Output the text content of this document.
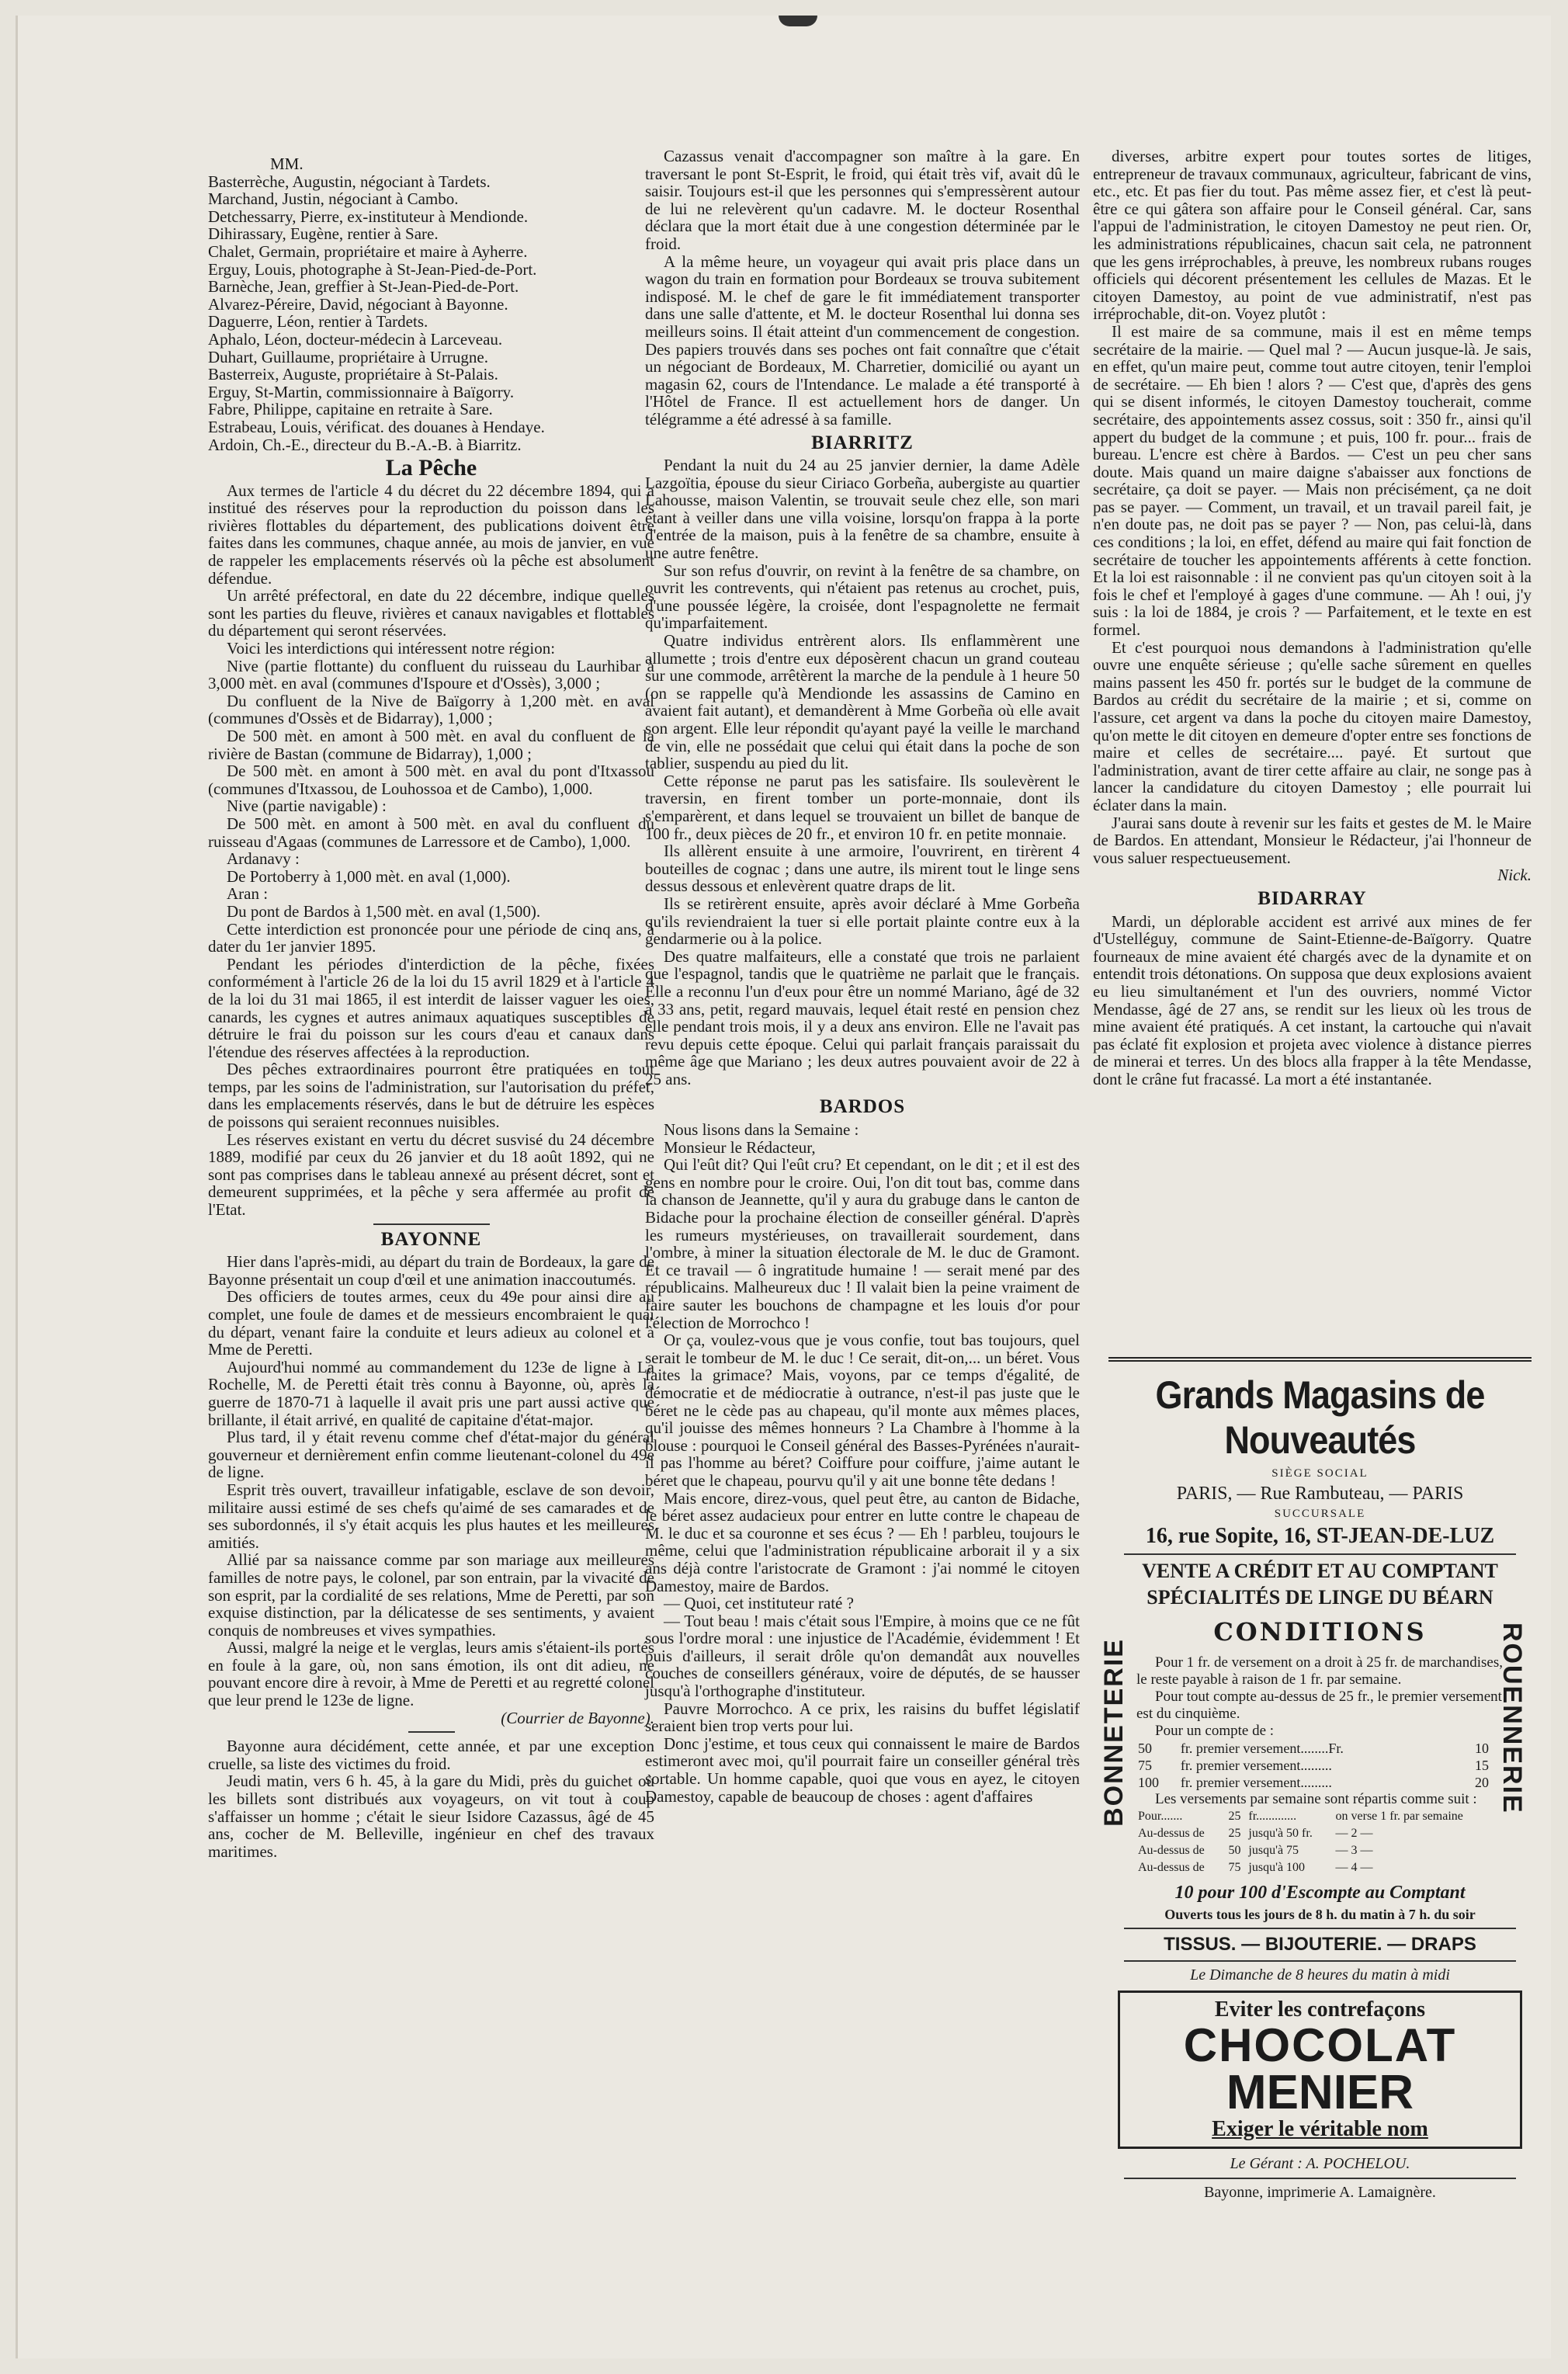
MM.

Basterrèche, Augustin, négociant à Tardets.

Marchand, Justin, négociant à Cambo.

Detchessarry, Pierre, ex-instituteur à Mendionde.

Dihirassary, Eugène, rentier à Sare.

Chalet, Germain, propriétaire et maire à Ayherre.

Erguy, Louis, photographe à St-Jean-Pied-de-Port.

Barnèche, Jean, greffier à St-Jean-Pied-de-Port.

Alvarez-Péreire, David, négociant à Bayonne.

Daguerre, Léon, rentier à Tardets.

Aphalo, Léon, docteur-médecin à Larceveau.

Duhart, Guillaume, propriétaire à Urrugne.

Basterreix, Auguste, propriétaire à St-Palais.

Erguy, St-Martin, commissionnaire à Baïgorry.

Fabre, Philippe, capitaine en retraite à Sare.

Estrabeau, Louis, vérificat. des douanes à Hendaye.

Ardoin, Ch.-E., directeur du B.-A.-B. à Biarritz.

La Pêche

Aux termes de l'article 4 du décret du 22 décembre 1894, qui a institué des réserves pour la reproduction du poisson dans les rivières flottables du département, des publications doivent être faites dans les communes, chaque année, au mois de janvier, en vue de rappeler les emplacements réservés où la pêche est absolument défendue.

Un arrêté préfectoral, en date du 22 décembre, indique quelles sont les parties du fleuve, rivières et canaux navigables et flottables du département qui seront réservées.

Voici les interdictions qui intéressent notre région:

Nive (partie flottante) du confluent du ruisseau du Laurhibar à 3,000 mèt. en aval (communes d'Ispoure et d'Ossès), 3,000 ;

Du confluent de la Nive de Baïgorry à 1,200 mèt. en aval (communes d'Ossès et de Bidarray), 1,000 ;

De 500 mèt. en amont à 500 mèt. en aval du confluent de la rivière de Bastan (commune de Bidarray), 1,000 ;

De 500 mèt. en amont à 500 mèt. en aval du pont d'Itxassou (communes d'Itxassou, de Louhossoa et de Cambo), 1,000.

Nive (partie navigable) :

De 500 mèt. en amont à 500 mèt. en aval du confluent du ruisseau d'Agaas (communes de Larressore et de Cambo), 1,000.

Ardanavy :

De Portoberry à 1,000 mèt. en aval (1,000).

Aran :

Du pont de Bardos à 1,500 mèt. en aval (1,500).

Cette interdiction est prononcée pour une période de cinq ans, à dater du 1er janvier 1895.

Pendant les périodes d'interdiction de la pêche, fixées conformément à l'article 26 de la loi du 15 avril 1829 et à l'article 4 de la loi du 31 mai 1865, il est interdit de laisser vaguer les oies, canards, les cygnes et autres animaux aquatiques susceptibles de détruire le frai du poisson sur les cours d'eau et canaux dans l'étendue des réserves affectées à la reproduction.

Des pêches extraordinaires pourront être pratiquées en tout temps, par les soins de l'administration, sur l'autorisation du préfet, dans les emplacements réservés, dans le but de détruire les espèces de poissons qui seraient reconnues nuisibles.

Les réserves existant en vertu du décret susvisé du 24 décembre 1889, modifié par ceux du 26 janvier et du 18 août 1892, qui ne sont pas comprises dans le tableau annexé au présent décret, sont et demeurent supprimées, et la pêche y sera affermée au profit de l'Etat.

BAYONNE

Hier dans l'après-midi, au départ du train de Bordeaux, la gare de Bayonne présentait un coup d'œil et une animation inaccoutumés.

Des officiers de toutes armes, ceux du 49e pour ainsi dire au complet, une foule de dames et de messieurs encombraient le quai du départ, venant faire la conduite et leurs adieux au colonel et à Mme de Peretti.

Aujourd'hui nommé au commandement du 123e de ligne à La Rochelle, M. de Peretti était très connu à Bayonne, où, après la guerre de 1870-71 à laquelle il avait pris une part aussi active que brillante, il était arrivé, en qualité de capitaine d'état-major.

Plus tard, il y était revenu comme chef d'état-major du général gouverneur et dernièrement enfin comme lieutenant-colonel du 49e de ligne.

Esprit très ouvert, travailleur infatigable, esclave de son devoir, militaire aussi estimé de ses chefs qu'aimé de ses camarades et de ses subordonnés, il s'y était acquis les plus hautes et les meilleures amitiés.

Allié par sa naissance comme par son mariage aux meilleures familles de notre pays, le colonel, par son entrain, par la vivacité de son esprit, par la cordialité de ses relations, Mme de Peretti, par son exquise distinction, par la délicatesse de ses sentiments, y avaient conquis de nombreuses et vives sympathies.

Aussi, malgré la neige et le verglas, leurs amis s'étaient-ils portés en foule à la gare, où, non sans émotion, ils ont dit adieu, ne pouvant encore dire à revoir, à Mme de Peretti et au regretté colonel que leur prend le 123e de ligne.

(Courrier de Bayonne).

Bayonne aura décidément, cette année, et par une exception cruelle, sa liste des victimes du froid.

Jeudi matin, vers 6 h. 45, à la gare du Midi, près du guichet où les billets sont distribués aux voyageurs, on vit tout à coup s'affaisser un homme ; c'était le sieur Isidore Cazassus, âgé de 45 ans, cocher de M. Belleville, ingénieur en chef des travaux maritimes.

Cazassus venait d'accompagner son maître à la gare. En traversant le pont St-Esprit, le froid, qui était très vif, avait dû le saisir. Toujours est-il que les personnes qui s'empressèrent autour de lui ne relevèrent qu'un cadavre. M. le docteur Rosenthal déclara que la mort était due à une congestion déterminée par le froid.

A la même heure, un voyageur qui avait pris place dans un wagon du train en formation pour Bordeaux se trouva subitement indisposé. M. le chef de gare le fit immédiatement transporter dans une salle d'attente, et M. le docteur Rosenthal lui donna ses meilleurs soins. Il était atteint d'un commencement de congestion. Des papiers trouvés dans ses poches ont fait connaître que c'était un négociant de Bordeaux, M. Charretier, domicilié ou ayant un magasin 62, cours de l'Intendance. Le malade a été transporté à l'Hôtel de France. Il est actuellement hors de danger. Un télégramme a été adressé à sa famille.

BIARRITZ

Pendant la nuit du 24 au 25 janvier dernier, la dame Adèle Lazgoïtia, épouse du sieur Ciriaco Gorbeña, aubergiste au quartier Lahousse, maison Valentin, se trouvait seule chez elle, son mari étant à veiller dans une villa voisine, lorsqu'on frappa à la porte d'entrée de la maison, puis à la fenêtre de sa chambre, ensuite à une autre fenêtre.

Sur son refus d'ouvrir, on revint à la fenêtre de sa chambre, on ouvrit les contrevents, qui n'étaient pas retenus au crochet, puis, d'une poussée légère, la croisée, dont l'espagnolette ne fermait qu'imparfaitement.

Quatre individus entrèrent alors. Ils enflammèrent une allumette ; trois d'entre eux déposèrent chacun un grand couteau sur une commode, arrêtèrent la marche de la pendule à 1 heure 50 (on se rappelle qu'à Mendionde les assassins de Camino en avaient fait autant), et demandèrent à Mme Gorbeña où elle avait son argent. Elle leur répondit qu'ayant payé la veille le marchand de vin, elle ne possédait que celui qui était dans la poche de son tablier, suspendu au pied du lit.

Cette réponse ne parut pas les satisfaire. Ils soulevèrent le traversin, en firent tomber un porte-monnaie, dont ils s'emparèrent, et dans lequel se trouvaient un billet de banque de 100 fr., deux pièces de 20 fr., et environ 10 fr. en petite monnaie.

Ils allèrent ensuite à une armoire, l'ouvrirent, en tirèrent 4 bouteilles de cognac ; dans une autre, ils mirent tout le linge sens dessus dessous et enlevèrent quatre draps de lit.

Ils se retirèrent ensuite, après avoir déclaré à Mme Gorbeña qu'ils reviendraient la tuer si elle portait plainte contre eux à la gendarmerie ou à la police.

Des quatre malfaiteurs, elle a constaté que trois ne parlaient que l'espagnol, tandis que le quatrième ne parlait que le français. Elle a reconnu l'un d'eux pour être un nommé Mariano, âgé de 32 à 33 ans, petit, regard mauvais, lequel était resté en pension chez elle pendant trois mois, il y a deux ans environ. Elle ne l'avait pas revu depuis cette époque. Celui qui parlait français paraissait du même âge que Mariano ; les deux autres pouvaient avoir de 22 à 25 ans.

BARDOS

Nous lisons dans la Semaine :

Monsieur le Rédacteur,

Qui l'eût dit? Qui l'eût cru? Et cependant, on le dit ; et il est des gens en nombre pour le croire. Oui, l'on dit tout bas, comme dans la chanson de Jeannette, qu'il y aura du grabuge dans le canton de Bidache pour la prochaine élection de conseiller général. D'après les rumeurs mystérieuses, on travaillerait sourdement, dans l'ombre, à miner la situation électorale de M. le duc de Gramont. Et ce travail — ô ingratitude humaine ! — serait mené par des républicains. Malheureux duc ! Il valait bien la peine vraiment de faire sauter les bouchons de champagne et les louis d'or pour l'élection de Morrochco !

Or ça, voulez-vous que je vous confie, tout bas toujours, quel serait le tombeur de M. le duc ! Ce serait, dit-on,... un béret. Vous faites la grimace? Mais, voyons, par ce temps d'égalité, de démocratie et de médiocratie à outrance, n'est-il pas juste que le béret ne le cède pas au chapeau, qu'il monte aux mêmes places, qu'il jouisse des mêmes honneurs ? La Chambre à l'homme à la blouse : pourquoi le Conseil général des Basses-Pyrénées n'aurait-il pas l'homme au béret? Coiffure pour coiffure, j'aime autant le béret que le chapeau, pourvu qu'il y ait une bonne tête dedans !

Mais encore, direz-vous, quel peut être, au canton de Bidache, le béret assez audacieux pour entrer en lutte contre le chapeau de M. le duc et sa couronne et ses écus ? — Eh ! parbleu, toujours le même, celui que l'administration républicaine arborait il y a six ans déjà contre l'aristocrate de Gramont : j'ai nommé le citoyen Damestoy, maire de Bardos.

— Quoi, cet instituteur raté ?

— Tout beau ! mais c'était sous l'Empire, à moins que ce ne fût sous l'ordre moral : une injustice de l'Académie, évidemment ! Et puis d'ailleurs, il serait drôle qu'on demandât aux nouvelles couches de conseillers généraux, voire de députés, de se hausser jusqu'à l'orthographe d'instituteur.

Pauvre Morrochco. A ce prix, les raisins du buffet législatif seraient bien trop verts pour lui.

Donc j'estime, et tous ceux qui connaissent le maire de Bardos estimeront avec moi, qu'il pourrait faire un conseiller général très sortable. Un homme capable, quoi que vous en ayez, le citoyen Damestoy, capable de beaucoup de choses : agent d'affaires

diverses, arbitre expert pour toutes sortes de litiges, entrepreneur de travaux communaux, agriculteur, fabricant de vins, etc., etc. Et pas fier du tout. Pas même assez fier, et c'est là peut-être ce qui gâtera son affaire pour le Conseil général. Car, sans l'appui de l'administration, le citoyen Damestoy ne peut rien. Or, les administrations républicaines, chacun sait cela, ne patronnent que les gens irréprochables, à preuve, les nombreux rubans rouges officiels qui décorent présentement les cellules de Mazas. Et le citoyen Damestoy, au point de vue administratif, n'est pas irréprochable, dit-on. Voyez plutôt :

Il est maire de sa commune, mais il est en même temps secrétaire de la mairie. — Quel mal ? — Aucun jusque-là. Je sais, en effet, qu'un maire peut, comme tout autre citoyen, tenir l'emploi de secrétaire. — Eh bien ! alors ? — C'est que, d'après des gens qui se disent informés, le citoyen Damestoy toucherait, comme secrétaire, des appointements assez cossus, soit : 350 fr., ainsi qu'il appert du budget de la commune ; et puis, 100 fr. pour... frais de bureau. L'encre est chère à Bardos. — C'est un peu cher sans doute. Mais quand un maire daigne s'abaisser aux fonctions de secrétaire, ça doit se payer. — Mais non précisément, ça ne doit pas se payer. — Comment, un travail, et un travail pareil fait, je n'en doute pas, ne doit pas se payer ? — Non, pas celui-là, dans ces conditions ; la loi, en effet, défend au maire qui fait fonction de secrétaire de toucher les appointements afférents à cette fonction. Et la loi est raisonnable : il ne convient pas qu'un citoyen soit à la fois le chef et l'employé à gages d'une commune. — Ah ! oui, j'y suis : la loi de 1884, je crois ? — Parfaitement, et le texte en est formel.

Et c'est pourquoi nous demandons à l'administration qu'elle ouvre une enquête sérieuse ; qu'elle sache sûrement en quelles mains passent les 450 fr. portés sur le budget de la commune de Bardos au crédit du secrétaire de la mairie ; et si, comme on l'assure, cet argent va dans la poche du citoyen maire Damestoy, qu'on mette le dit citoyen en demeure d'opter entre ses fonctions de maire et celles de secrétaire.... payé. Et surtout que l'administration, avant de tirer cette affaire au clair, ne songe pas à lancer la candidature du citoyen Damestoy ; elle pourrait lui éclater dans la main.

J'aurai sans doute à revenir sur les faits et gestes de M. le Maire de Bardos. En attendant, Monsieur le Rédacteur, j'ai l'honneur de vous saluer respectueusement.

Nick.
BIDARRAY

Mardi, un déplorable accident est arrivé aux mines de fer d'Ustelléguy, commune de Saint-Etienne-de-Baïgorry. Quatre fourneaux de mine avaient été chargés avec de la dynamite et on entendit trois détonations. On supposa que deux explosions avaient eu lieu simultanément et l'un des ouvriers, nommé Victor Mendasse, âgé de 27 ans, se rendit sur les lieux où les trous de mine avaient été pratiqués. A cet instant, la cartouche qui n'avait pas éclaté fit explosion et projeta avec violence à distance pierres de minerai et terres. Un des blocs alla frapper à la tête Mendasse, dont le crâne fut fracassé. La mort a été instantanée.

Grands Magasins de Nouveautés
SIÈGE SOCIAL
PARIS, — Rue Rambuteau, — PARIS
SUCCURSALE
16, rue Sopite, 16, ST-JEAN-DE-LUZ
VENTE A CRÉDIT ET AU COMPTANT
SPÉCIALITÉS DE LINGE DU BÉARN
CONDITIONS
Pour 1 fr. de versement on a droit à 25 fr. de marchandises, le reste payable à raison de 1 fr. par semaine.
Pour tout compte au-dessus de 25 fr., le premier versement est du cinquième.
Pour un compte de :
50	fr. premier versement........Fr.	10
75	fr. premier versement.........	15
100	fr. premier versement.........	20
Les versements par semaine sont répartis comme suit :
Pour.......	25	fr.............	on verse 1 fr. par semaine
Au-dessus de	25	jusqu'à 50 fr.	— 2 —
Au-dessus de	50	jusqu'à 75	— 3 —
Au-dessus de	75	jusqu'à 100	— 4 —
10 pour 100 d'Escompte au Comptant
Ouverts tous les jours de 8 h. du matin à 7 h. du soir
TISSUS. — BIJOUTERIE. — DRAPS
Le Dimanche de 8 heures du matin à midi
Eviter les contrefaçons
CHOCOLAT
MENIER
Exiger le véritable nom
Le Gérant : A. POCHELOU.
Bayonne, imprimerie A. Lamaignère.
BONNETERIE	ROUENNERIE
